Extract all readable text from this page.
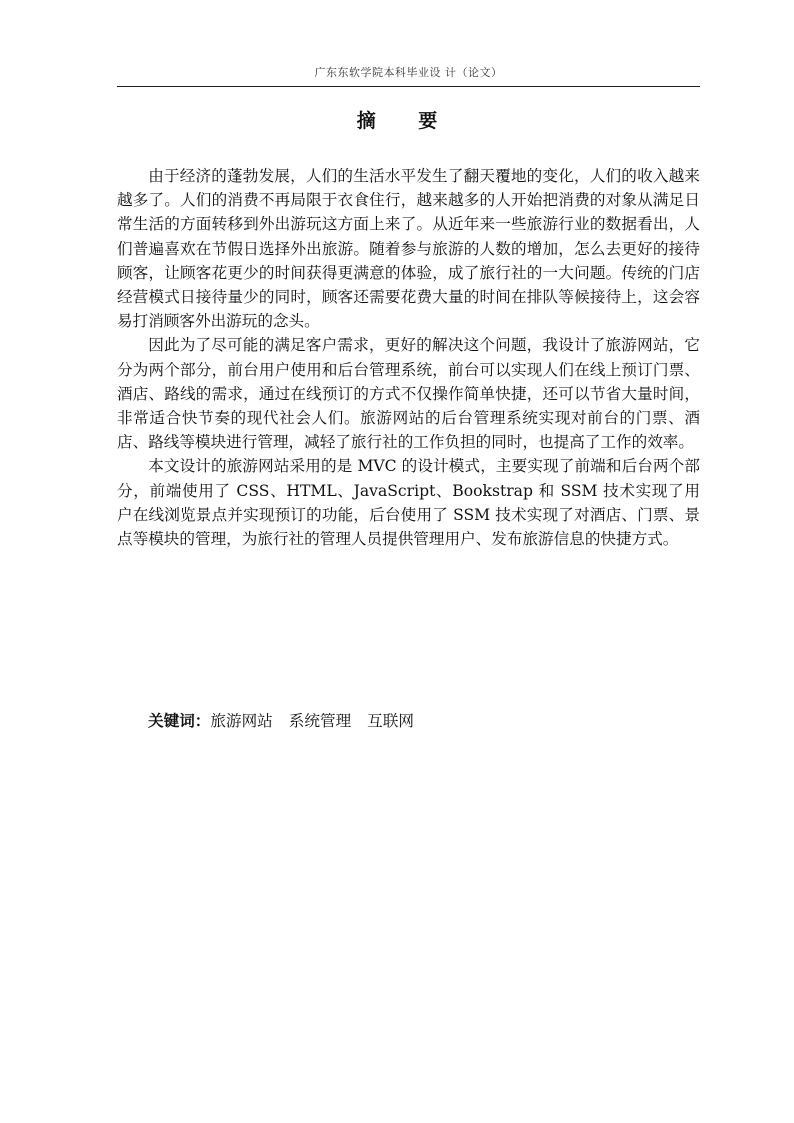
广东东软学院本科毕业设 计（论文）
摘 要

由于经济的蓬勃发展，人们的生活水平发生了翻天覆地的变化，人们的收入越来越多了。人们的消费不再局限于衣食住行，越来越多的人开始把消费的对象从满足日常生活的方面转移到外出游玩这方面上来了。从近年来一些旅游行业的数据看出，人们普遍喜欢在节假日选择外出旅游。随着参与旅游的人数的增加，怎么去更好的接待顾客，让顾客花更少的时间获得更满意的体验，成了旅行社的一大问题。传统的门店经营模式日接待量少的同时，顾客还需要花费大量的时间在排队等候接待上，这会容易打消顾客外出游玩的念头。

因此为了尽可能的满足客户需求，更好的解决这个问题，我设计了旅游网站，它分为两个部分，前台用户使用和后台管理系统，前台可以实现人们在线上预订门票、酒店、路线的需求，通过在线预订的方式不仅操作简单快捷，还可以节省大量时间，非常适合快节奏的现代社会人们。旅游网站的后台管理系统实现对前台的门票、酒店、路线等模块进行管理，减轻了旅行社的工作负担的同时，也提高了工作的效率。

本文设计的旅游网站采用的是 MVC 的设计模式，主要实现了前端和后台两个部分，前端使用了 CSS、HTML、JavaScript、Bookstrap 和 SSM 技术实现了用户在线浏览景点并实现预订的功能，后台使用了 SSM 技术实现了对酒店、门票、景点等模块的管理，为旅行社的管理人员提供管理用户、发布旅游信息的快捷方式。

关键词：旅游网站 系统管理 互联网
